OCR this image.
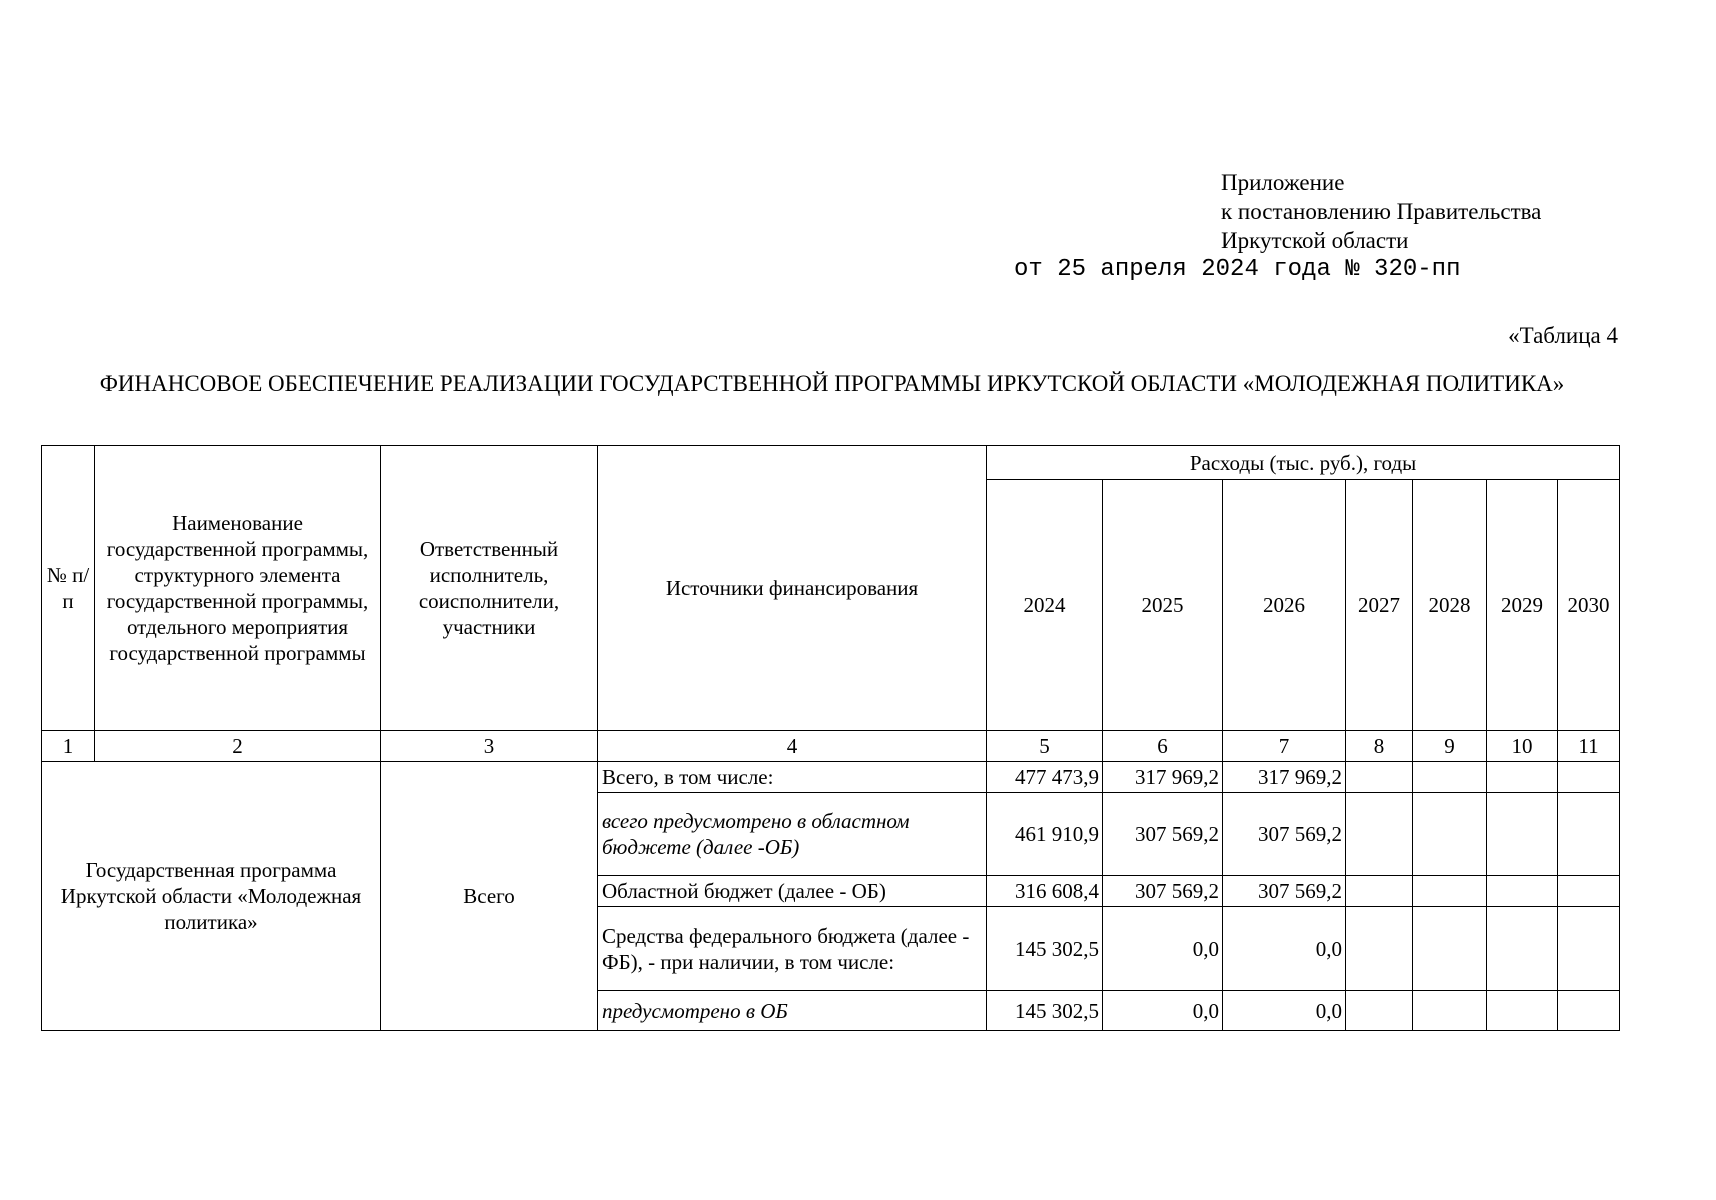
Приложение
к постановлению Правительства
Иркутской области
от 25 апреля 2024 года № 320-пп
«Таблица 4
ФИНАНСОВОЕ ОБЕСПЕЧЕНИЕ РЕАЛИЗАЦИИ ГОСУДАРСТВЕННОЙ ПРОГРАММЫ ИРКУТСКОЙ ОБЛАСТИ «МОЛОДЕЖНАЯ ПОЛИТИКА»
№ п/п	Наименование государственной программы, структурного элемента государственной программы, отдельного мероприятия государственной программы	Ответственный исполнитель, соисполнители, участники	Источники финансирования	Расходы (тыс. руб.), годы						
				2024	2025	2026	2027	2028	2029	2030
1	2	3	4	5	6	7	8	9	10	11
Государственная программа Иркутской области «Молодежная политика»		Всего	Всего, в том числе:	477 473,9	317 969,2	317 969,2				
			всего предусмотрено в областном бюджете (далее -ОБ)	461 910,9	307 569,2	307 569,2				
			Областной бюджет (далее - ОБ)	316 608,4	307 569,2	307 569,2				
			Средства федерального бюджета (далее - ФБ), - при наличии, в том числе:	145 302,5	0,0	0,0				
			предусмотрено в ОБ	145 302,5	0,0	0,0				
